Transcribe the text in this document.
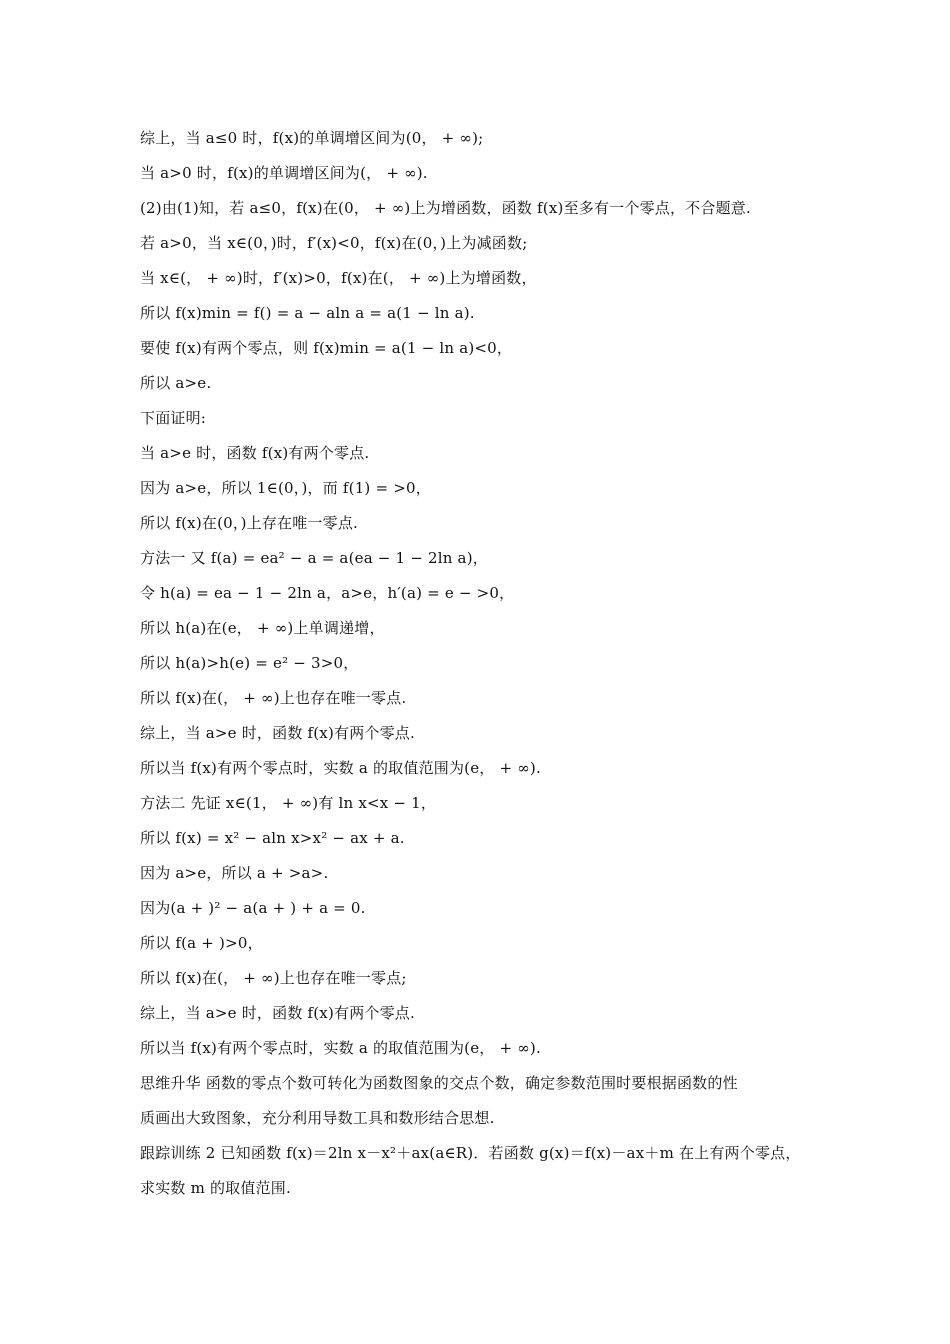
综上，当 a≤0 时，f(x)的单调增区间为(0， + ∞);
当 a>0 时，f(x)的单调增区间为(， + ∞).
(2)由(1)知，若 a≤0，f(x)在(0， + ∞)上为增函数，函数 f(x)至多有一个零点，不合题意.
若 a>0，当 x∈(0，)时，f′(x)<0，f(x)在(0，)上为减函数;
当 x∈(， + ∞)时，f′(x)>0，f(x)在(， + ∞)上为增函数，
所以 f(x)min = f() = a − aln a = a(1 − ln a).
要使 f(x)有两个零点，则 f(x)min = a(1 − ln a)<0，
所以 a>e.
下面证明:
当 a>e 时，函数 f(x)有两个零点.
因为 a>e，所以 1∈(0，)，而 f(1) = >0，
所以 f(x)在(0，)上存在唯一零点.
方法一 又 f(a) = ea² − a = a(ea − 1 − 2ln a)，
令 h(a) = ea − 1 − 2ln a，a>e，h′(a) = e − >0，
所以 h(a)在(e， + ∞)上单调递增，
所以 h(a)>h(e) = e² − 3>0，
所以 f(x)在(， + ∞)上也存在唯一零点.
综上，当 a>e 时，函数 f(x)有两个零点.
所以当 f(x)有两个零点时，实数 a 的取值范围为(e， + ∞).
方法二 先证 x∈(1， + ∞)有 ln x<x − 1，
所以 f(x) = x² − aln x>x² − ax + a.
因为 a>e，所以 a + >a>.
因为(a + )² − a(a + ) + a = 0.
所以 f(a + )>0，
所以 f(x)在(， + ∞)上也存在唯一零点;
综上，当 a>e 时，函数 f(x)有两个零点.
所以当 f(x)有两个零点时，实数 a 的取值范围为(e， + ∞).
思维升华 函数的零点个数可转化为函数图象的交点个数，确定参数范围时要根据函数的性
质画出大致图象，充分利用导数工具和数形结合思想.
跟踪训练 2 已知函数 f(x)＝2ln x－x²＋ax(a∈R)．若函数 g(x)＝f(x)－ax＋m 在上有两个零点，
求实数 m 的取值范围.
